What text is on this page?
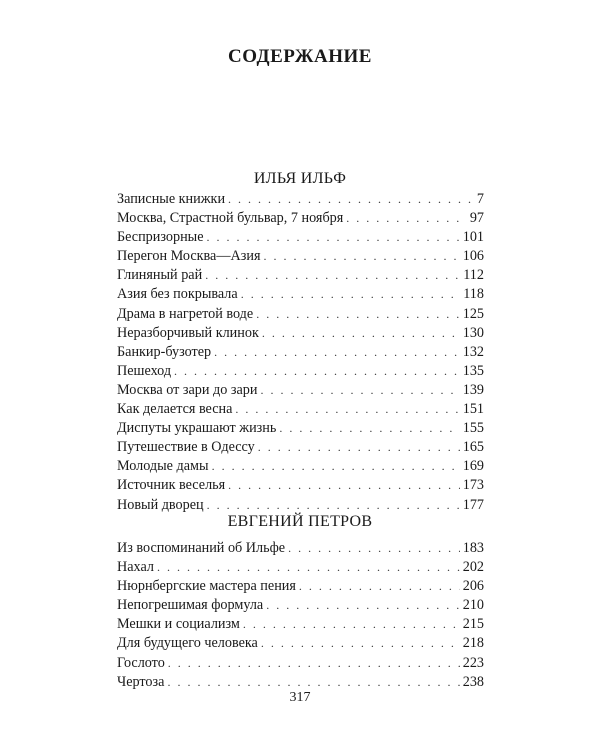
СОДЕРЖАНИЕ
ИЛЬЯ ИЛЬФ
Записные книжки . . .	7
Москва, Страстной бульвар, 7 ноября . . .	97
Беспризорные . . .	101
Перегон Москва—Азия . . .	106
Глиняный рай . . .	112
Азия без покрывала . . .	118
Драма в нагретой воде . . .	125
Неразборчивый клинок . . .	130
Банкир-бузотер . . .	132
Пешеход . . .	135
Москва от зари до зари . . .	139
Как делается весна . . .	151
Диспуты украшают жизнь . . .	155
Путешествие в Одессу . . .	165
Молодые дамы . . .	169
Источник веселья . . .	173
Новый дворец . . .	177
ЕВГЕНИЙ ПЕТРОВ
Из воспоминаний об Ильфе . . .	183
Нахал . . .	202
Нюрнбергские мастера пения . . .	206
Непогрешимая формула . . .	210
Мешки и социализм . . .	215
Для будущего человека . . .	218
Гослото . . .	223
Чертоза . . .	238
317
